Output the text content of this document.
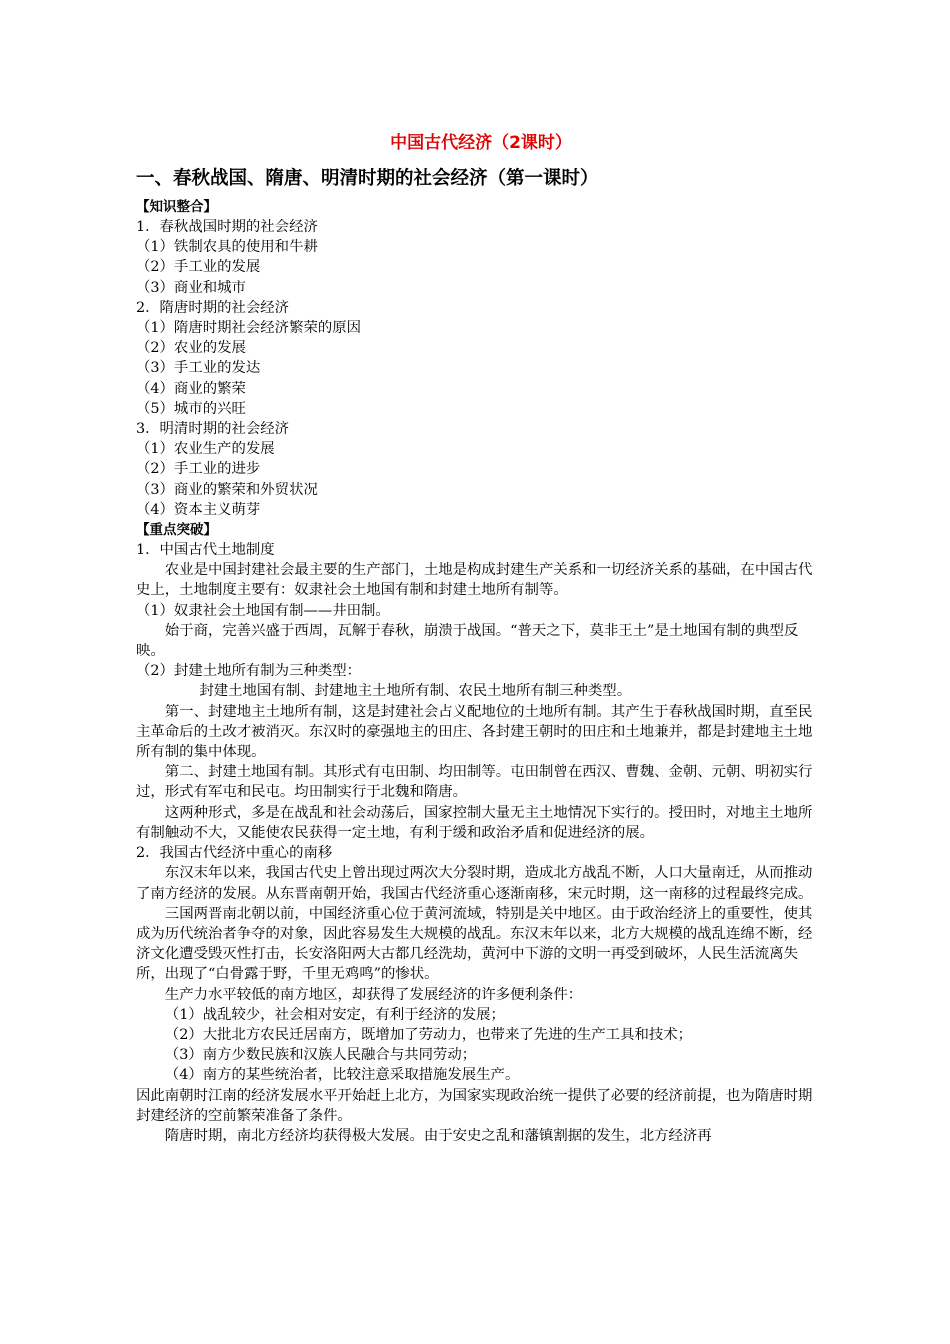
中国古代经济（2课时）
一、春秋战国、隋唐、明清时期的社会经济（第一课时）
【知识整合】
1．春秋战国时期的社会经济
（1）铁制农具的使用和牛耕
（2）手工业的发展
（3）商业和城市
2．隋唐时期的社会经济
（1）隋唐时期社会经济繁荣的原因
（2）农业的发展
（3）手工业的发达
（4）商业的繁荣
（5）城市的兴旺
3．明清时期的社会经济
（1）农业生产的发展
（2）手工业的进步
（3）商业的繁荣和外贸状况
（4）资本主义萌芽
【重点突破】
1．中国古代土地制度

农业是中国封建社会最主要的生产部门，土地是构成封建生产关系和一切经济关系的基础，在中国古代史上，土地制度主要有：奴隶社会土地国有制和封建土地所有制等。

（1）奴隶社会土地国有制——井田制。

始于商，完善兴盛于西周，瓦解于春秋，崩溃于战国。“普天之下，莫非王土”是土地国有制的典型反映。

（2）封建土地所有制为三种类型：

封建土地国有制、封建地主土地所有制、农民土地所有制三种类型。

第一、封建地主土地所有制，这是封建社会占义配地位的土地所有制。其产生于春秋战国时期，直至民主革命后的土改才被消灭。东汉时的豪强地主的田庄、各封建王朝时的田庄和土地兼并，都是封建地主土地所有制的集中体现。

第二、封建土地国有制。其形式有屯田制、均田制等。屯田制曾在西汉、曹魏、金朝、元朝、明初实行过，形式有军屯和民屯。均田制实行于北魏和隋唐。

这两种形式，多是在战乱和社会动荡后，国家控制大量无主土地情况下实行的。授田时，对地主土地所有制触动不大，又能使农民获得一定土地，有利于缓和政治矛盾和促进经济的展。

2．我国古代经济中重心的南移

东汉末年以来，我国古代史上曾出现过两次大分裂时期，造成北方战乱不断，人口大量南迁，从而推动了南方经济的发展。从东晋南朝开始，我国古代经济重心逐渐南移，宋元时期，这一南移的过程最终完成。

三国两晋南北朝以前，中国经济重心位于黄河流域，特别是关中地区。由于政治经济上的重要性，使其成为历代统治者争夺的对象，因此容易发生大规模的战乱。东汉末年以来，北方大规模的战乱连绵不断，经济文化遭受毁灭性打击，长安洛阳两大古都几经洗劫，黄河中下游的文明一再受到破坏，人民生活流离失所，出现了“白骨露于野，千里无鸡鸣”的惨状。

生产力水平较低的南方地区，却获得了发展经济的许多便利条件：

（1）战乱较少，社会相对安定，有利于经济的发展；

（2）大批北方农民迁居南方，既增加了劳动力，也带来了先进的生产工具和技术；

（3）南方少数民族和汉族人民融合与共同劳动；

（4）南方的某些统治者，比较注意采取措施发展生产。

因此南朝时江南的经济发展水平开始赶上北方，为国家实现政治统一提供了必要的经济前提，也为隋唐时期封建经济的空前繁荣准备了条件。

隋唐时期，南北方经济均获得极大发展。由于安史之乱和藩镇割据的发生，北方经济再
